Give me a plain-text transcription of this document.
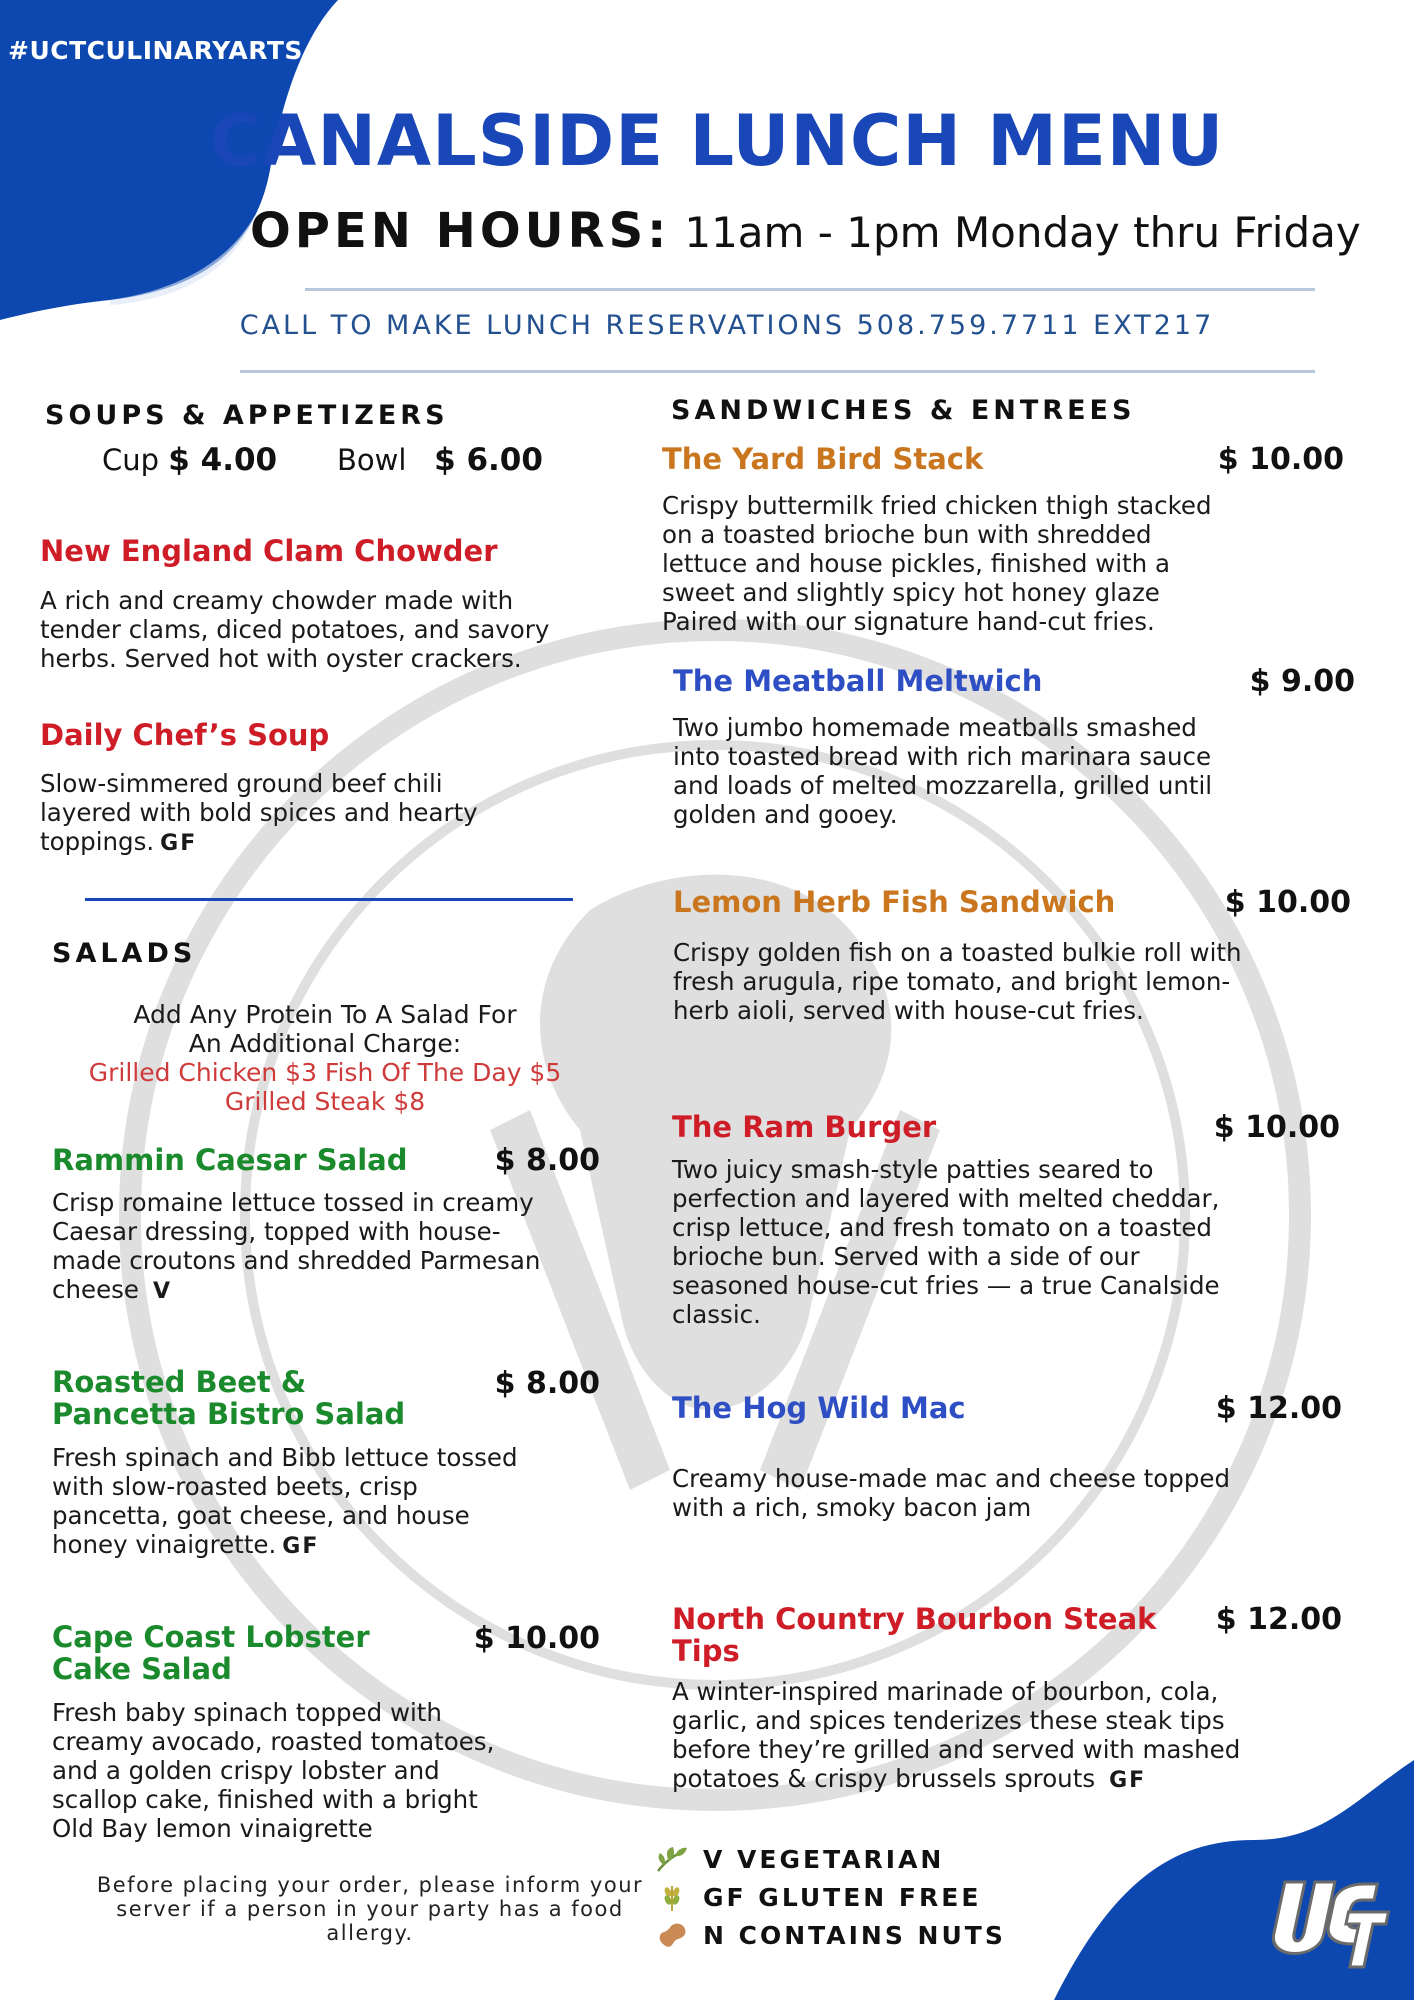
#UCTCULINARYARTS
CANALSIDE LUNCH MENU
OPEN HOURS: 11am - 1pm Monday thru Friday
CALL TO MAKE LUNCH RESERVATIONS 508.759.7711 EXT217
SOUPS & APPETIZERS
Cup $ 4.00 Bowl $ 6.00
New England Clam Chowder
A rich and creamy chowder made with tender clams, diced potatoes, and savory herbs. Served hot with oyster crackers.
Daily Chef’s Soup
Slow-simmered ground beef chili layered with bold spices and hearty toppings. GF
SALADS
Add Any Protein To A Salad For An Additional Charge:
Grilled Chicken $3 Fish Of The Day $5 Grilled Steak $8
Rammin Caesar Salad	$ 8.00
Crisp romaine lettuce tossed in creamy Caesar dressing, topped with house-made croutons and shredded Parmesan cheese V
Roasted Beet & Pancetta Bistro Salad
$ 8.00
Fresh spinach and Bibb lettuce tossed with slow-roasted beets, crisp pancetta, goat cheese, and house honey vinaigrette. GF
Cape Coast Lobster Cake Salad
$ 10.00
Fresh baby spinach topped with creamy avocado, roasted tomatoes, and a golden crispy lobster and scallop cake, finished with a bright Old Bay lemon vinaigrette
SANDWICHES & ENTREES
The Yard Bird Stack	$ 10.00
Crispy buttermilk fried chicken thigh stacked on a toasted brioche bun with shredded lettuce and house pickles, finished with a sweet and slightly spicy hot honey glaze Paired with our signature hand-cut fries.
The Meatball Meltwich	$ 9.00
Two jumbo homemade meatballs smashed into toasted bread with rich marinara sauce and loads of melted mozzarella, grilled until golden and gooey.
Lemon Herb Fish Sandwich	$ 10.00
Crispy golden fish on a toasted bulkie roll with fresh arugula, ripe tomato, and bright lemon-herb aioli, served with house-cut fries.
The Ram Burger	$ 10.00
Two juicy smash-style patties seared to perfection and layered with melted cheddar, crisp lettuce, and fresh tomato on a toasted brioche bun. Served with a side of our seasoned house-cut fries — a true Canalside classic.
The Hog Wild Mac	$ 12.00
Creamy house-made mac and cheese topped with a rich, smoky bacon jam
North Country Bourbon Steak Tips
$ 12.00
A winter-inspired marinade of bourbon, cola, garlic, and spices tenderizes these steak tips before they’re grilled and served with mashed potatoes & crispy brussels sprouts GF
Before placing your order, please inform your server if a person in your party has a food allergy.
V VEGETARIAN
GF GLUTEN FREE
N CONTAINS NUTS
